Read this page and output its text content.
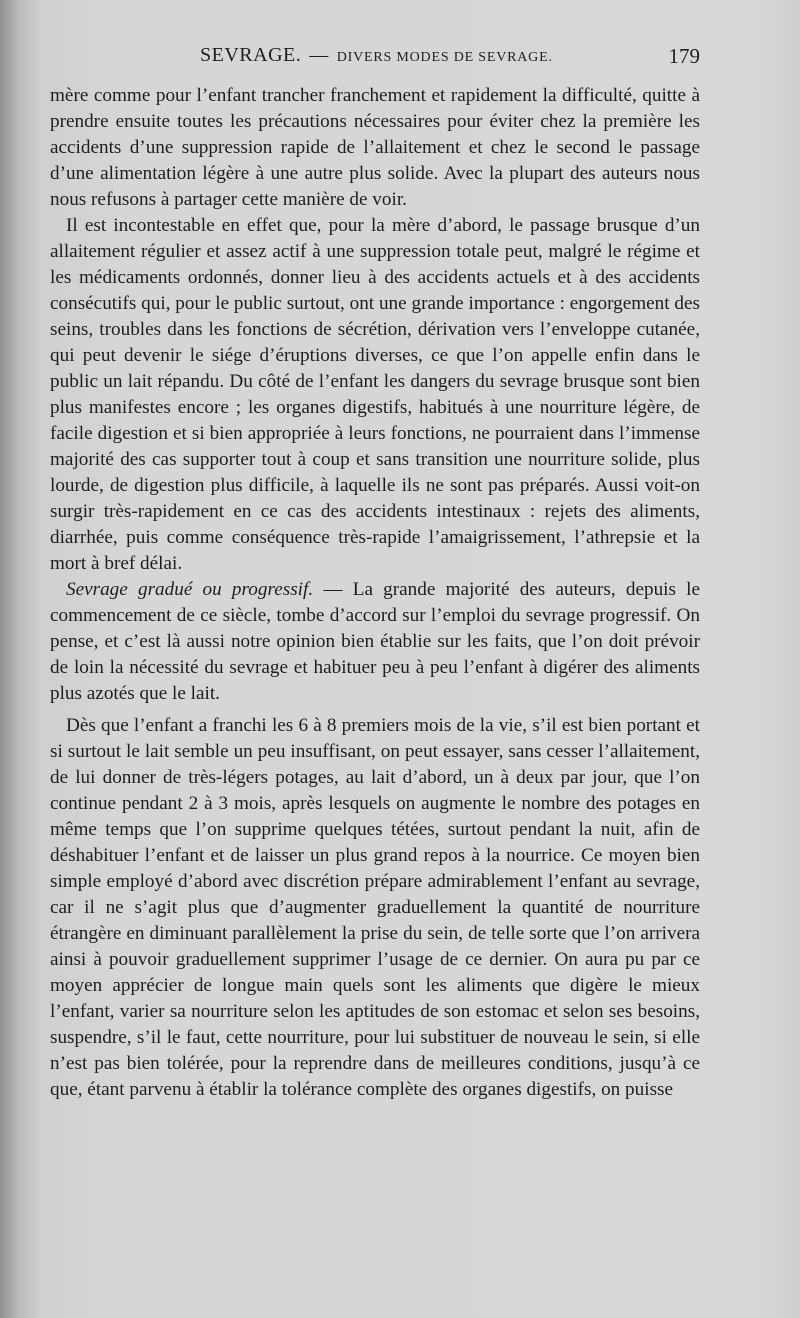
SEVRAGE. — DIVERS MODES DE SEVRAGE.	179

mère comme pour l’enfant trancher franchement et rapidement la difficulté, quitte à prendre ensuite toutes les précautions nécessaires pour éviter chez la première les accidents d’une suppression rapide de l’allaitement et chez le second le passage d’une alimentation légère à une autre plus solide. Avec la plupart des auteurs nous nous refusons à partager cette manière de voir.

Il est incontestable en effet que, pour la mère d’abord, le passage brusque d’un allaitement régulier et assez actif à une suppression totale peut, malgré le régime et les médicaments ordonnés, donner lieu à des accidents actuels et à des accidents consécutifs qui, pour le public surtout, ont une grande importance : engorgement des seins, troubles dans les fonctions de sécrétion, dérivation vers l’enveloppe cutanée, qui peut devenir le siége d’éruptions diverses, ce que l’on appelle enfin dans le public un lait répandu. Du côté de l’enfant les dangers du sevrage brusque sont bien plus manifestes encore ; les organes digestifs, habitués à une nourriture légère, de facile digestion et si bien appropriée à leurs fonctions, ne pourraient dans l’immense majorité des cas supporter tout à coup et sans transition une nourriture solide, plus lourde, de digestion plus difficile, à laquelle ils ne sont pas préparés. Aussi voit-on surgir très-rapidement en ce cas des accidents intestinaux : rejets des aliments, diarrhée, puis comme conséquence très-rapide l’amaigrissement, l’athrepsie et la mort à bref délai.

Sevrage gradué ou progressif. — La grande majorité des auteurs, depuis le commencement de ce siècle, tombe d’accord sur l’emploi du sevrage progressif. On pense, et c’est là aussi notre opinion bien établie sur les faits, que l’on doit prévoir de loin la nécessité du sevrage et habituer peu à peu l’enfant à digérer des aliments plus azotés que le lait.

Dès que l’enfant a franchi les 6 à 8 premiers mois de la vie, s’il est bien portant et si surtout le lait semble un peu insuffisant, on peut essayer, sans cesser l’allaitement, de lui donner de très-légers potages, au lait d’abord, un à deux par jour, que l’on continue pendant 2 à 3 mois, après lesquels on augmente le nombre des potages en même temps que l’on supprime quelques tétées, surtout pendant la nuit, afin de déshabituer l’enfant et de laisser un plus grand repos à la nourrice. Ce moyen bien simple employé d’abord avec discrétion prépare admirablement l’enfant au sevrage, car il ne s’agit plus que d’augmenter graduellement la quantité de nourriture étrangère en diminuant parallèlement la prise du sein, de telle sorte que l’on arrivera ainsi à pouvoir graduellement supprimer l’usage de ce dernier. On aura pu par ce moyen apprécier de longue main quels sont les aliments que digère le mieux l’enfant, varier sa nourriture selon les aptitudes de son estomac et selon ses besoins, suspendre, s’il le faut, cette nourriture, pour lui substituer de nouveau le sein, si elle n’est pas bien tolérée, pour la reprendre dans de meilleures conditions, jusqu’à ce que, étant parvenu à établir la tolérance complète des organes digestifs, on puisse
